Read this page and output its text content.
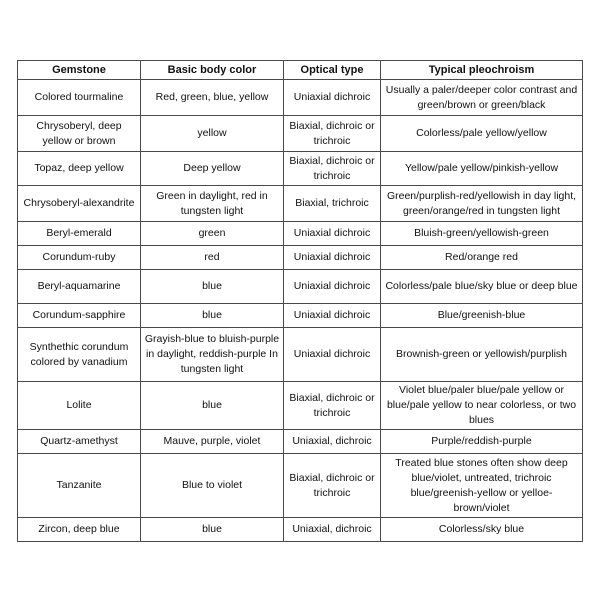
Gemstone	Basic body color	Optical type	Typical pleochroism
Colored tourmaline	Red, green, blue, yellow	Uniaxial dichroic	Usually a paler/deeper color contrast and green/brown or green/black
Chrysoberyl, deep yellow or brown	yellow	Biaxial, dichroic or trichroic	Colorless/pale yellow/yellow
Topaz, deep yellow	Deep yellow	Biaxial, dichroic or trichroic	Yellow/pale yellow/pinkish-yellow
Chrysoberyl-alexandrite	Green in daylight, red in tungsten light	Biaxial, trichroic	Green/purplish-red/yellowish in day light, green/orange/red in tungsten light
Beryl-emerald	green	Uniaxial dichroic	Bluish-green/yellowish-green
Corundum-ruby	red	Uniaxial dichroic	Red/orange red
Beryl-aquamarine	blue	Uniaxial dichroic	Colorless/pale blue/sky blue or deep blue
Corundum-sapphire	blue	Uniaxial dichroic	Blue/greenish-blue
Synthethic corundum colored by vanadium	Grayish-blue to bluish-purple in daylight, reddish-purple In tungsten light	Uniaxial dichroic	Brownish-green or yellowish/purplish
Lolite	blue	Biaxial, dichroic or trichroic	Violet blue/paler blue/pale yellow or blue/pale yellow to near colorless, or two blues
Quartz-amethyst	Mauve, purple, violet	Uniaxial, dichroic	Purple/reddish-purple
Tanzanite	Blue to violet	Biaxial, dichroic or trichroic	Treated blue stones often show deep blue/violet, untreated, trichroic blue/greenish-yellow or yelloe-brown/violet
Zircon, deep blue	blue	Uniaxial, dichroic	Colorless/sky blue
